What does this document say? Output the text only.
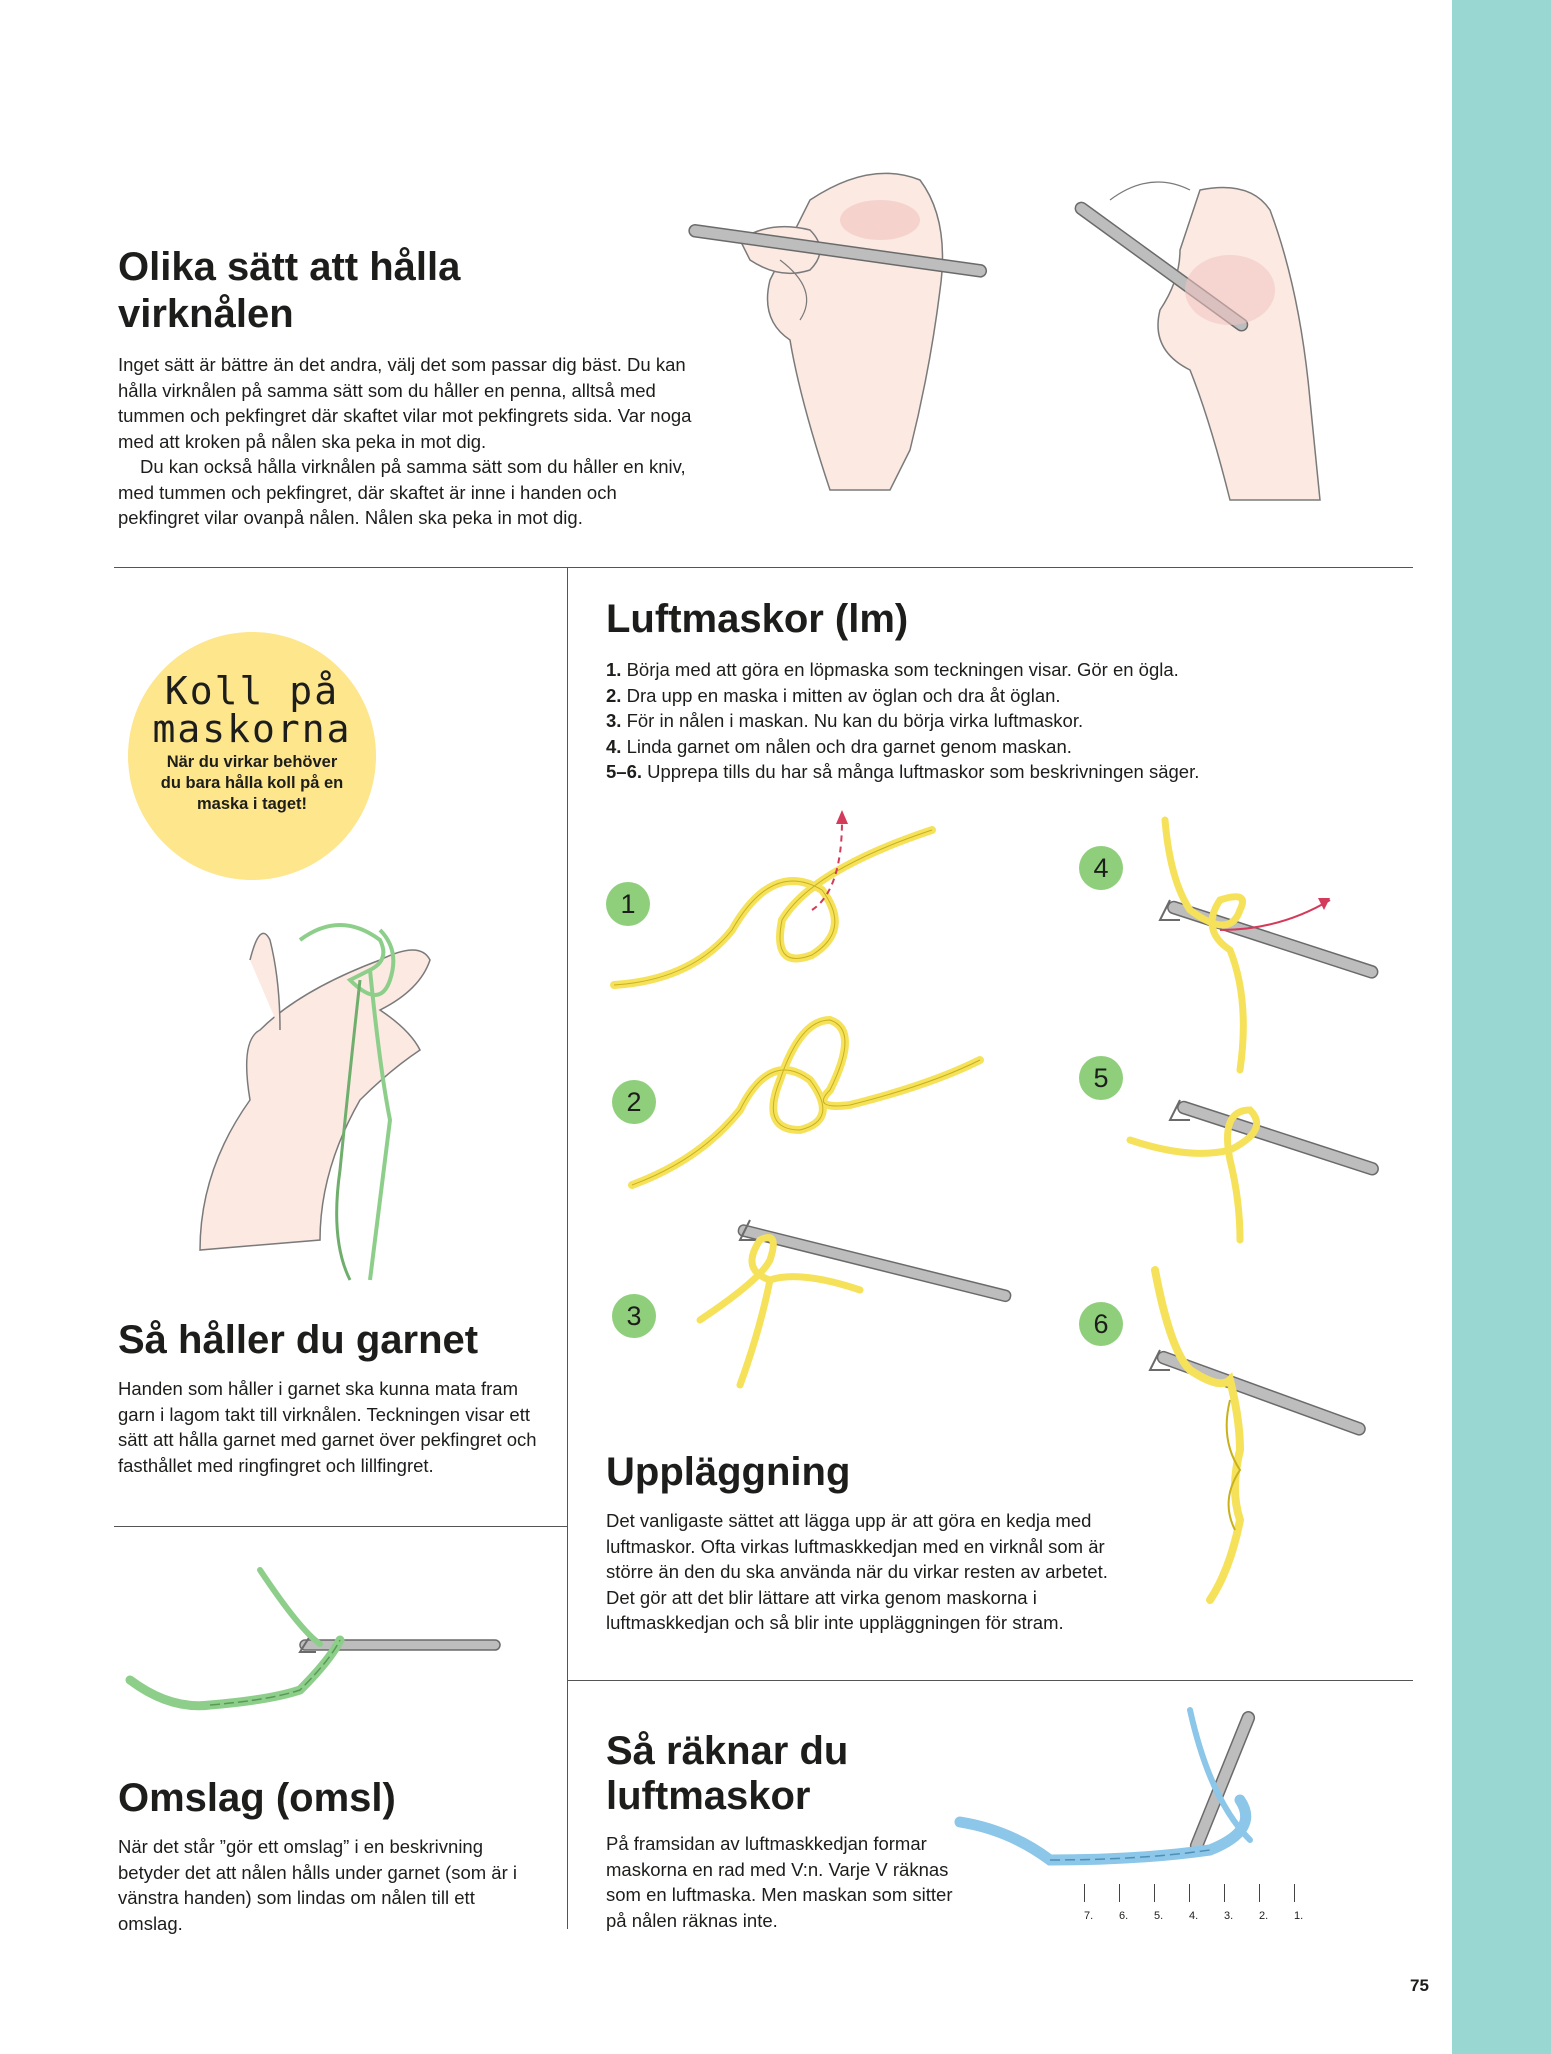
Olika sätt att hålla virknålen

Inget sätt är bättre än det andra, välj det som passar dig bäst. Du kan hålla virknålen på samma sätt som du håller en penna, alltså med tummen och pekfingret där skaftet vilar mot pekfingrets sida. Var noga med att kroken på nålen ska peka in mot dig.

Du kan också hålla virknålen på samma sätt som du håller en kniv, med tummen och pekfingret, där skaftet är inne i handen och pekfingret vilar ovanpå nålen. Nålen ska peka in mot dig.

Koll på
maskorna
När du virkar behöver du bara hålla koll på en maska i taget!
Så håller du garnet

Handen som håller i garnet ska kunna mata fram garn i lagom takt till virknålen. Teckningen visar ett sätt att hålla garnet med garnet över pekfingret och fasthållet med ringfingret och lillfingret.

Luftmaskor (lm)
1. Börja med att göra en löpmaska som teckningen visar. Gör en ögla.
2. Dra upp en maska i mitten av öglan och dra åt öglan.
3. För in nålen i maskan. Nu kan du börja virka luftmaskor.
4. Linda garnet om nålen och dra garnet genom maskan.
5–6. Upprepa tills du har så många luftmaskor som beskrivningen säger.
1
2
3
4
5
6
Uppläggning

Det vanligaste sättet att lägga upp är att göra en kedja med luftmaskor. Ofta virkas luftmaskkedjan med en virknål som är större än den du ska använda när du virkar resten av arbetet. Det gör att det blir lättare att virka genom maskorna i luftmaskkedjan och så blir inte uppläggningen för stram.

Omslag (omsl)

När det står ”gör ett omslag” i en beskrivning betyder det att nålen hålls under garnet (som är i vänstra handen) som lindas om nålen till ett omslag.

Så räknar du luftmaskor

På framsidan av luftmaskkedjan formar maskorna en rad med V:n. Varje V räknas som en luftmaska. Men maskan som sitter på nålen räknas inte.	7. 6. 5. 4. 3. 2. 1.
75
